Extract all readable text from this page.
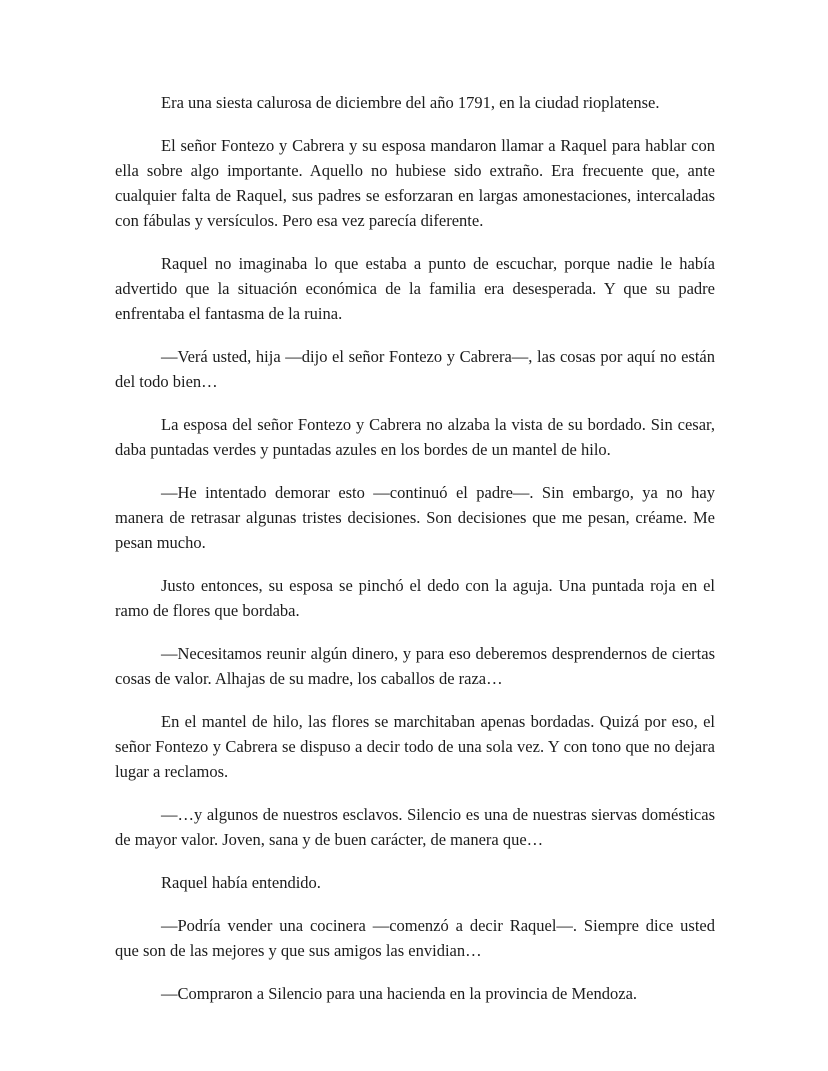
Era una siesta calurosa de diciembre del año 1791, en la ciudad rioplatense.

El señor Fontezo y Cabrera y su esposa mandaron llamar a Raquel para hablar con ella sobre algo importante. Aquello no hubiese sido extraño. Era frecuente que, ante cualquier falta de Raquel, sus padres se esforzaran en largas amonestaciones, intercaladas con fábulas y versículos. Pero esa vez parecía diferente.

Raquel no imaginaba lo que estaba a punto de escuchar, porque nadie le había advertido que la situación económica de la familia era desesperada. Y que su padre enfrentaba el fantasma de la ruina.

—Verá usted, hija —dijo el señor Fontezo y Cabrera—, las cosas por aquí no están del todo bien…

La esposa del señor Fontezo y Cabrera no alzaba la vista de su bordado. Sin cesar, daba puntadas verdes y puntadas azules en los bordes de un mantel de hilo.

—He intentado demorar esto —continuó el padre—. Sin embargo, ya no hay manera de retrasar algunas tristes decisiones. Son decisiones que me pesan, créame. Me pesan mucho.

Justo entonces, su esposa se pinchó el dedo con la aguja. Una puntada roja en el ramo de flores que bordaba.

—Necesitamos reunir algún dinero, y para eso deberemos desprendernos de ciertas cosas de valor. Alhajas de su madre, los caballos de raza…

En el mantel de hilo, las flores se marchitaban apenas bordadas. Quizá por eso, el señor Fontezo y Cabrera se dispuso a decir todo de una sola vez. Y con tono que no dejara lugar a reclamos.

—…y algunos de nuestros esclavos. Silencio es una de nuestras siervas domésticas de mayor valor. Joven, sana y de buen carácter, de manera que…

Raquel había entendido.

—Podría vender una cocinera —comenzó a decir Raquel—. Siempre dice usted que son de las mejores y que sus amigos las envidian…

—Compraron a Silencio para una hacienda en la provincia de Mendoza.
